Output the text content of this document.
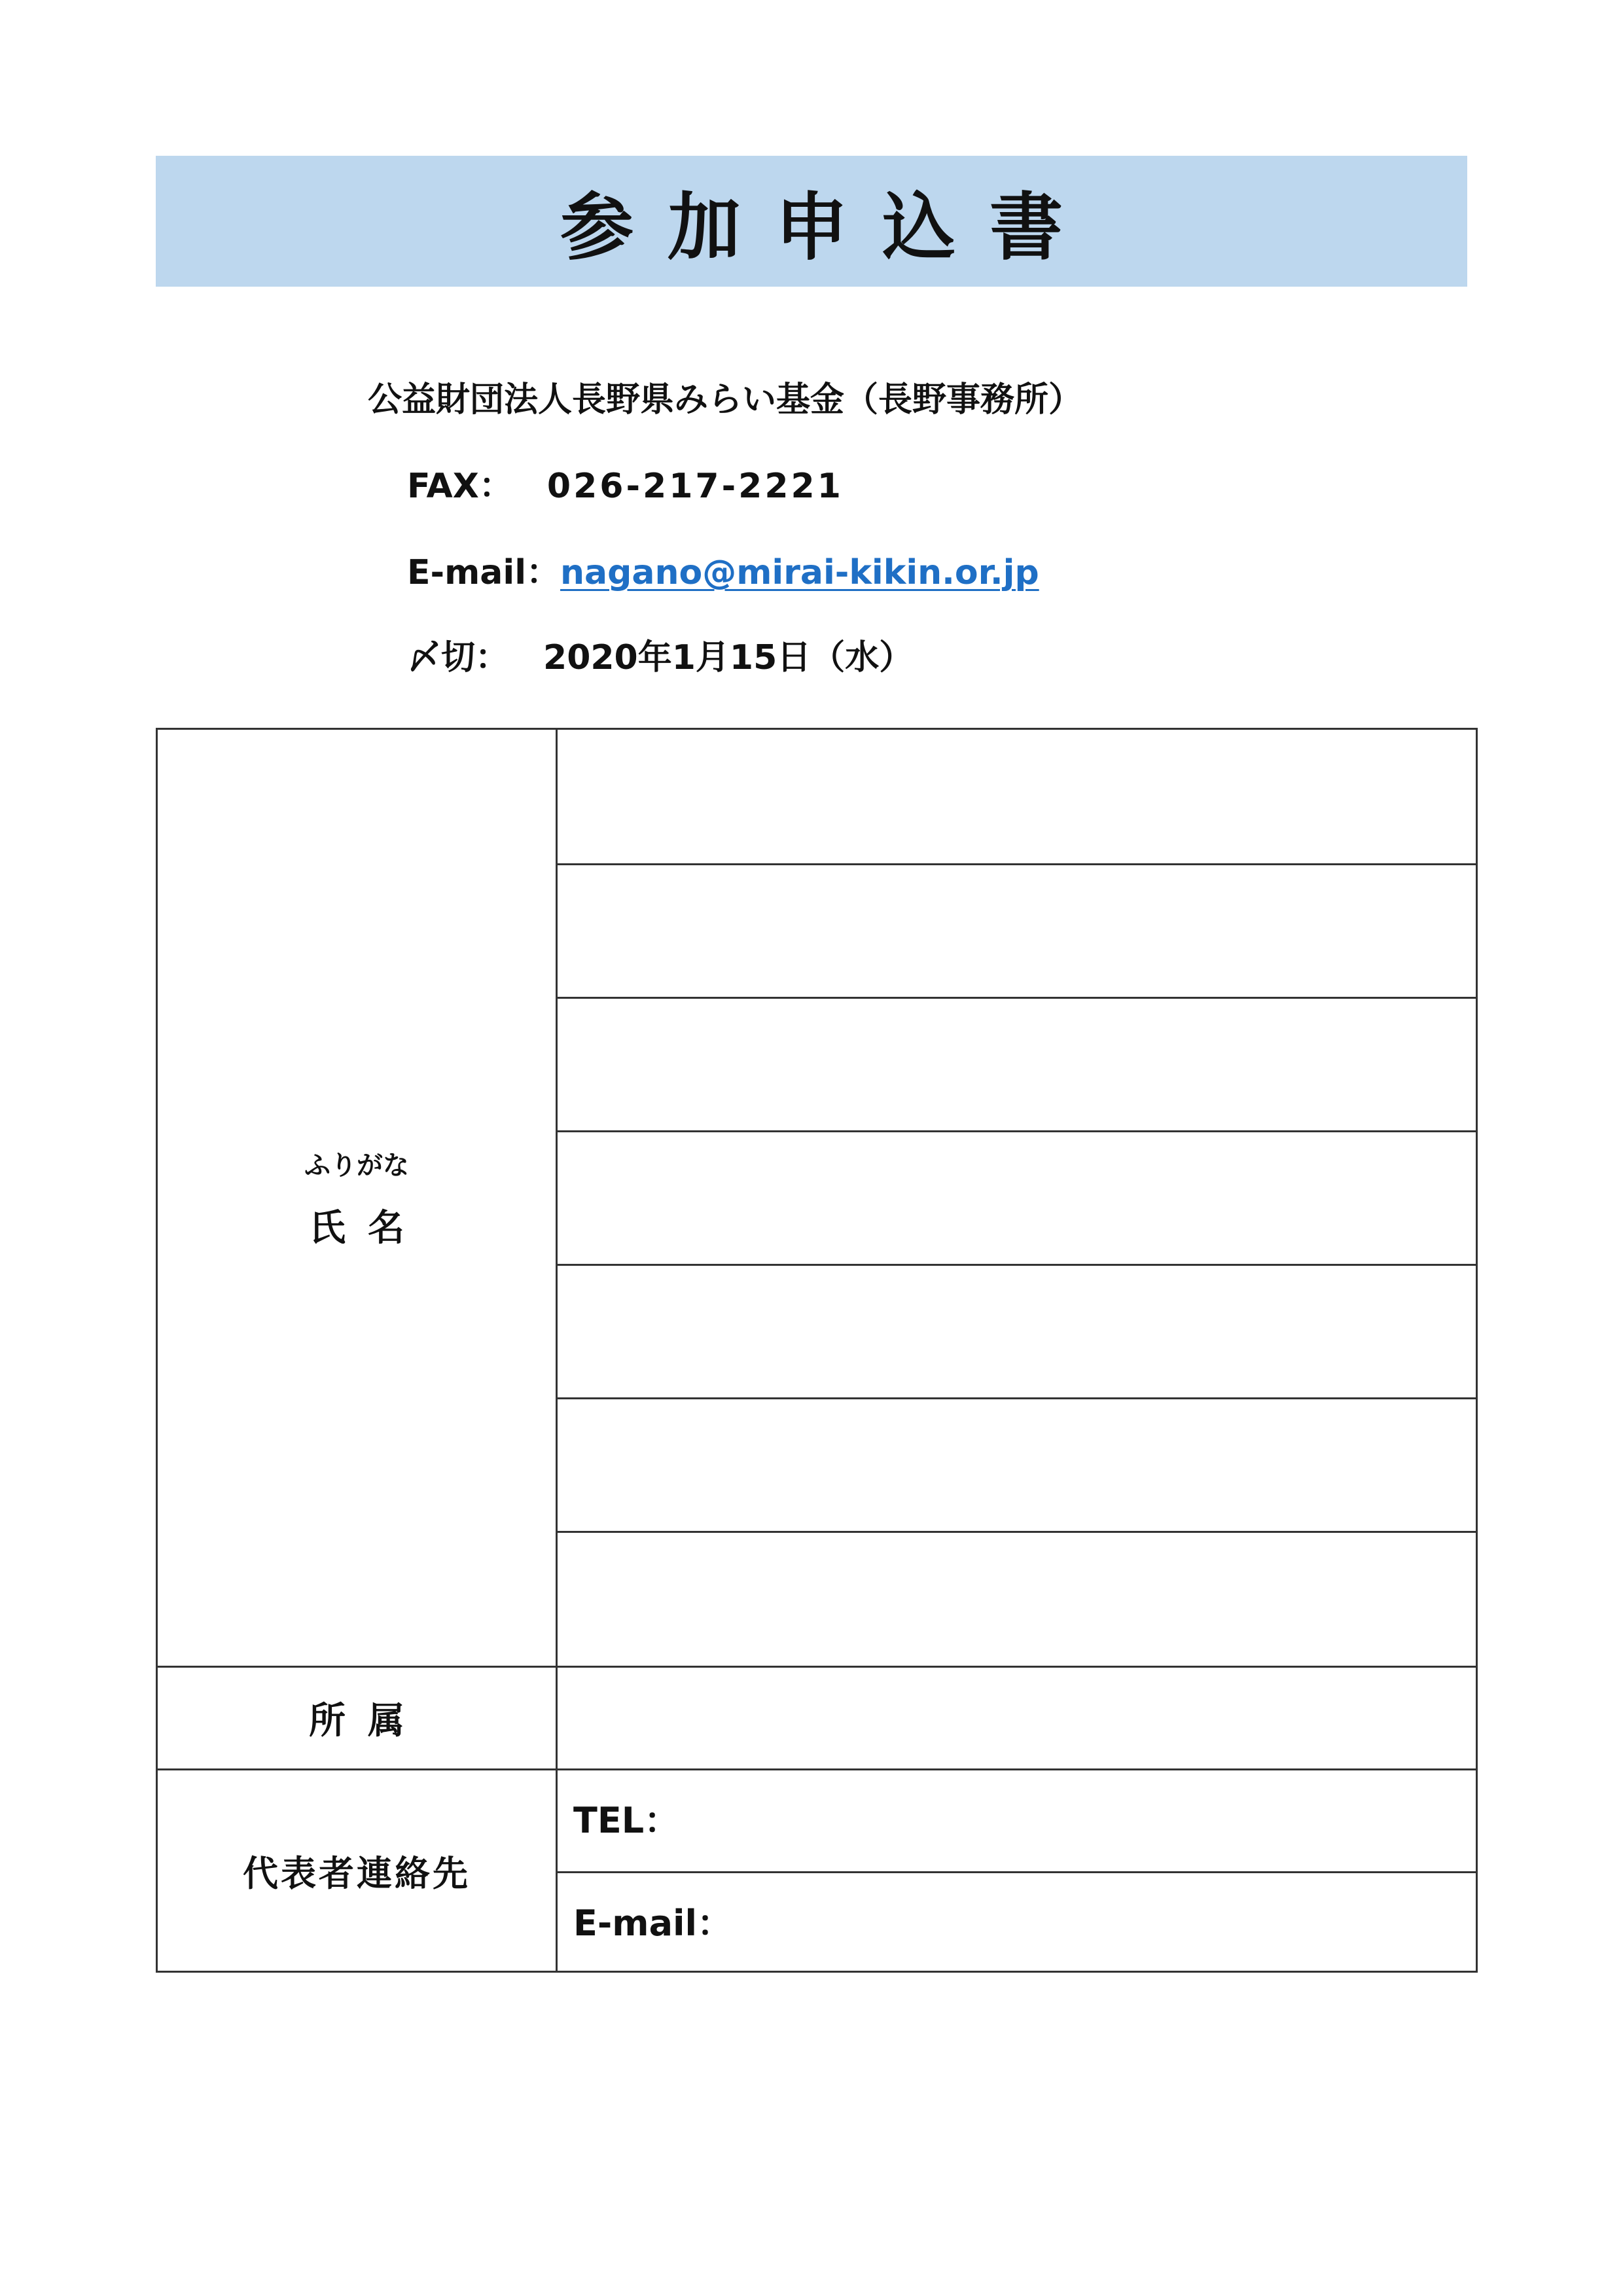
参加申込書
公益財団法人長野県みらい基金（長野事務所）
FAX： 026-217-2221
E-mail：nagano@mirai-kikin.or.jp
〆切： 2020年1月15日（水）
ふりがな
氏名
所属
代表者連絡先
TEL：
E-mail：
